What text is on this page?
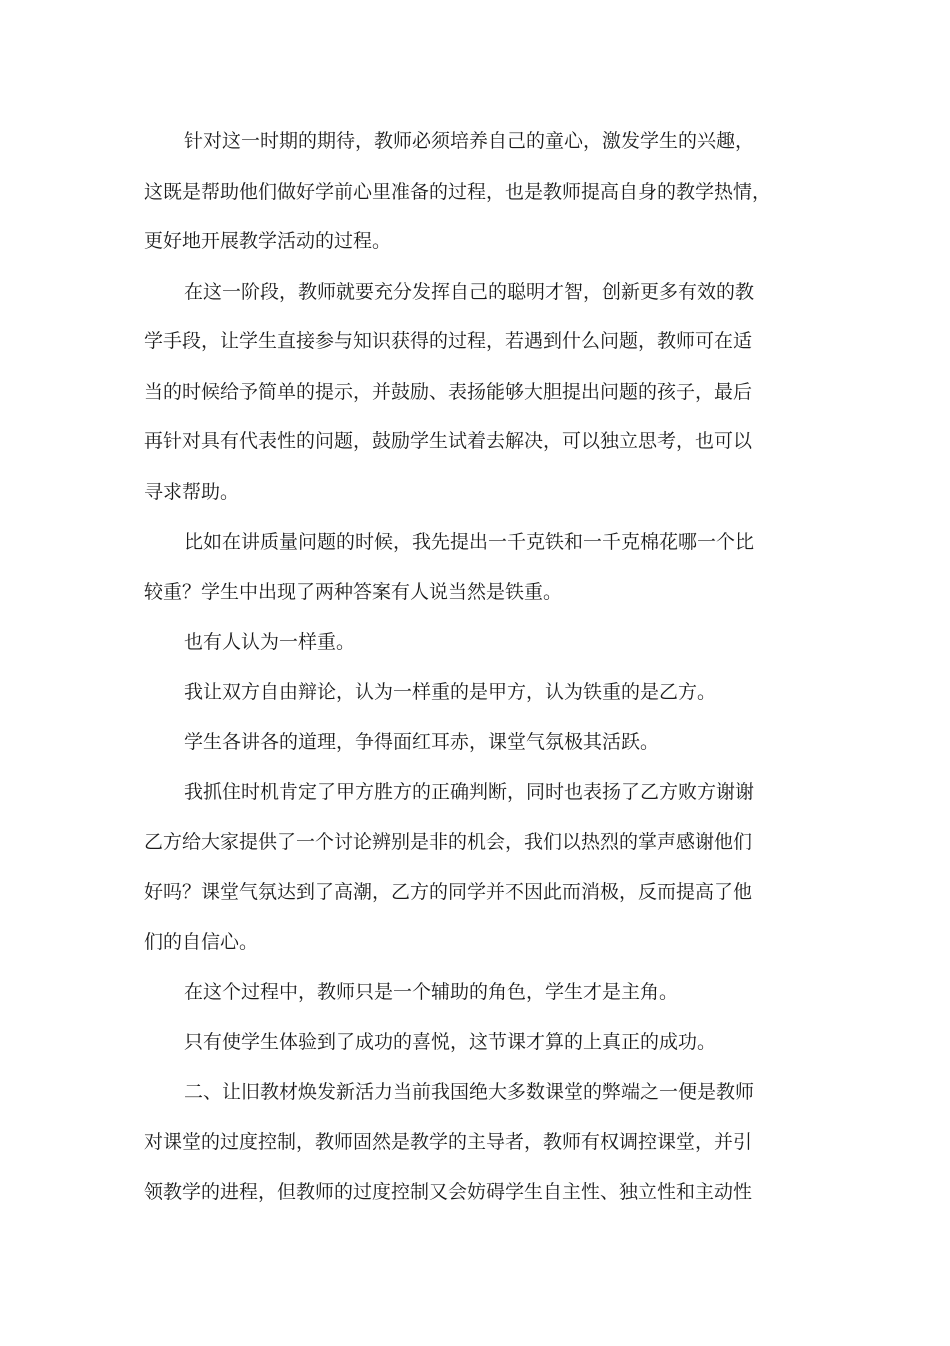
针对这一时期的期待，教师必须培养自己的童心，激发学生的兴趣，
这既是帮助他们做好学前心里准备的过程，也是教师提高自身的教学热情，
更好地开展教学活动的过程。
在这一阶段，教师就要充分发挥自己的聪明才智，创新更多有效的教
学手段，让学生直接参与知识获得的过程，若遇到什么问题，教师可在适
当的时候给予简单的提示，并鼓励、表扬能够大胆提出问题的孩子，最后
再针对具有代表性的问题，鼓励学生试着去解决，可以独立思考，也可以
寻求帮助。
比如在讲质量问题的时候，我先提出一千克铁和一千克棉花哪一个比
较重？学生中出现了两种答案有人说当然是铁重。
也有人认为一样重。
我让双方自由辩论，认为一样重的是甲方，认为铁重的是乙方。
学生各讲各的道理，争得面红耳赤，课堂气氛极其活跃。
我抓住时机肯定了甲方胜方的正确判断，同时也表扬了乙方败方谢谢
乙方给大家提供了一个讨论辨别是非的机会，我们以热烈的掌声感谢他们
好吗？课堂气氛达到了高潮，乙方的同学并不因此而消极，反而提高了他
们的自信心。
在这个过程中，教师只是一个辅助的角色，学生才是主角。
只有使学生体验到了成功的喜悦，这节课才算的上真正的成功。
二、让旧教材焕发新活力当前我国绝大多数课堂的弊端之一便是教师
对课堂的过度控制，教师固然是教学的主导者，教师有权调控课堂，并引
领教学的进程，但教师的过度控制又会妨碍学生自主性、独立性和主动性
